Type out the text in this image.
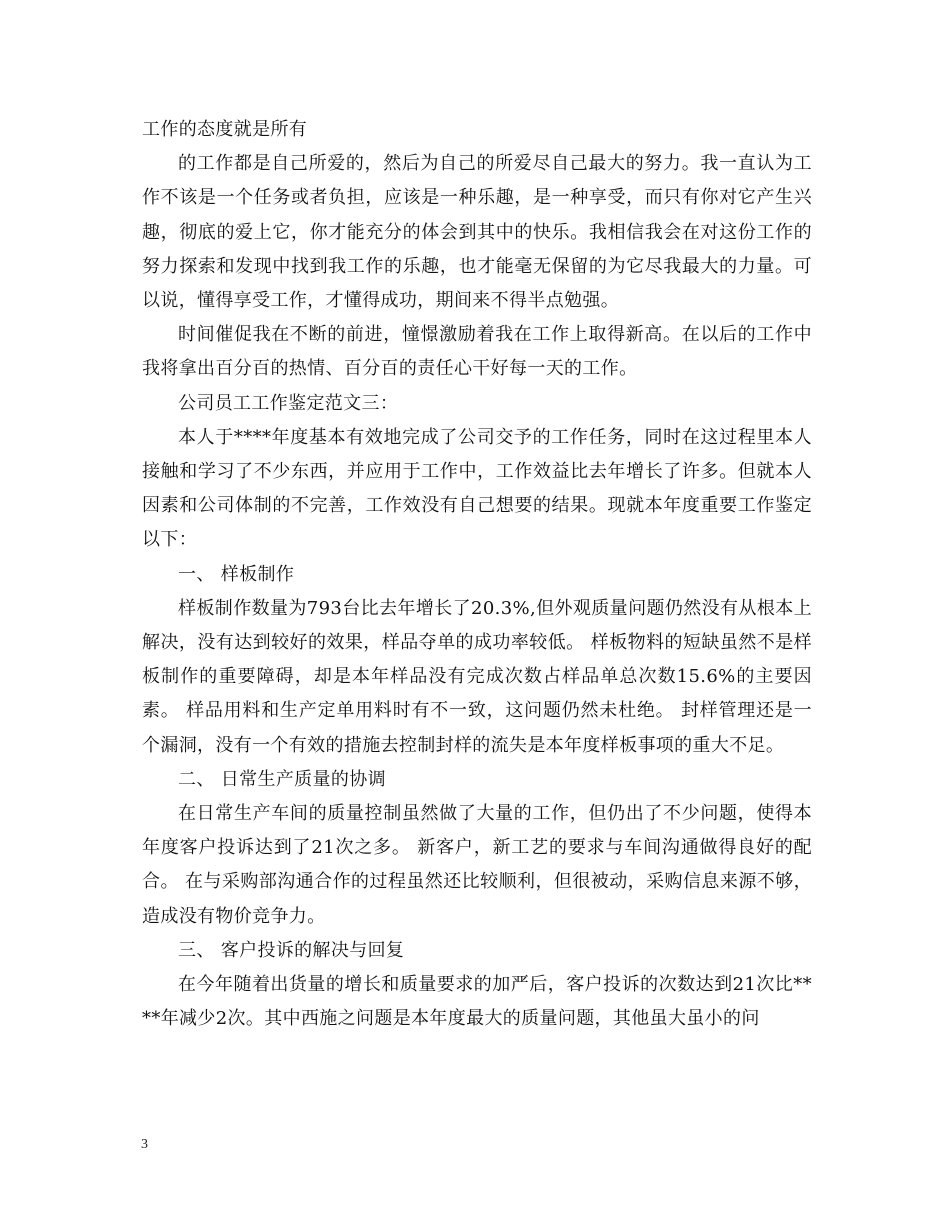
工作的态度就是所有

的工作都是自己所爱的，然后为自己的所爱尽自己最大的努力。我一直认为工作不该是一个任务或者负担，应该是一种乐趣，是一种享受，而只有你对它产生兴趣，彻底的爱上它，你才能充分的体会到其中的快乐。我相信我会在对这份工作的努力探索和发现中找到我工作的乐趣，也才能毫无保留的为它尽我最大的力量。可以说，懂得享受工作，才懂得成功，期间来不得半点勉强。

时间催促我在不断的前进，憧憬激励着我在工作上取得新高。在以后的工作中我将拿出百分百的热情、百分百的责任心干好每一天的工作。

公司员工工作鉴定范文三：

本人于****年度基本有效地完成了公司交予的工作任务，同时在这过程里本人接触和学习了不少东西，并应用于工作中，工作效益比去年增长了许多。但就本人因素和公司体制的不完善，工作效没有自己想要的结果。现就本年度重要工作鉴定以下：

一、 样板制作

样板制作数量为793台比去年增长了20.3%,但外观质量问题仍然没有从根本上解决，没有达到较好的效果，样品夺单的成功率较低。 样板物料的短缺虽然不是样板制作的重要障碍，却是本年样品没有完成次数占样品单总次数15.6%的主要因素。 样品用料和生产定单用料时有不一致，这问题仍然未杜绝。 封样管理还是一个漏洞，没有一个有效的措施去控制封样的流失是本年度样板事项的重大不足。

二、 日常生产质量的协调

在日常生产车间的质量控制虽然做了大量的工作，但仍出了不少问题，使得本年度客户投诉达到了21次之多。 新客户，新工艺的要求与车间沟通做得良好的配合。 在与采购部沟通合作的过程虽然还比较顺利，但很被动，采购信息来源不够，造成没有物价竞争力。

三、 客户投诉的解决与回复

在今年随着出货量的增长和质量要求的加严后，客户投诉的次数达到21次比****年减少2次。其中西施之问题是本年度最大的质量问题，其他虽大虽小的问

3
